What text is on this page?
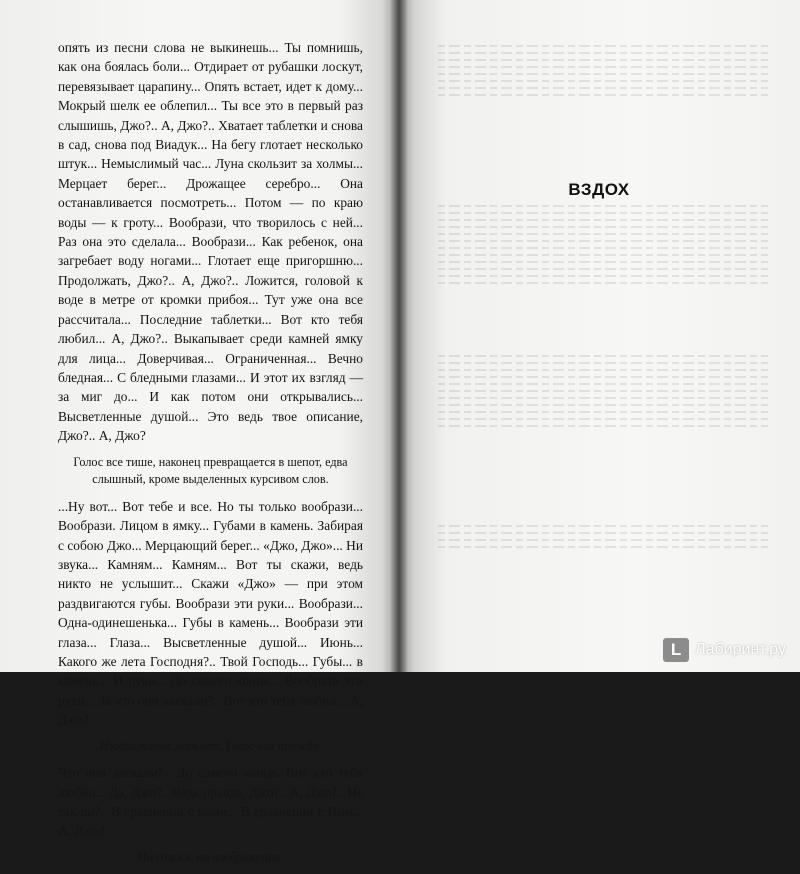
опять из песни слова не выкинешь... Ты помнишь, как она боялась боли... Отдирает от рубашки лоскут, перевязывает царапину... Опять встает, идет к дому... Мокрый шелк ее облепил... Ты все это в первый раз слышишь, Джо?.. А, Джо?.. Хватает таблетки и снова в сад, снова под Виадук... На бегу глотает несколько штук... Немыслимый час... Луна скользит за холмы... Мерцает берег... Дрожащее серебро... Она останавливается посмотреть... Потом — по краю воды — к гроту... Вообрази, что творилось с ней... Раз она это сделала... Вообрази... Как ребенок, она загребает воду ногами... Глотает еще пригоршню... Продолжать, Джо?.. А, Джо?.. Ложится, головой к воде в метре от кромки прибоя... Тут уже она все рассчитала... Последние таблетки... Вот кто тебя любил... А, Джо?.. Выкапывает среди камней ямку для лица... Доверчивая... Ограниченная... Вечно бледная... С бледными глазами... И этот их взгляд — за миг до... И как потом они открывались... Высветленные душой... Это ведь твое описание, Джо?.. А, Джо?

Голос все тише, наконец превращается в шепот, едва слышный, кроме выделенных курсивом слов.

...Ну вот... Вот тебе и все. Но ты только вообрази... Вообрази. Лицом в ямку... Губами в камень. Забирая с собою Джо... Мерцающий берег... «Джо, Джо»... Ни звука... Камням... Камням... Вот ты скажи, ведь никто не услышит... Скажи «Джо» — при этом раздвигаются губы. Вообрази эти руки... Вообрази... Одна-одинешенька... Губы в камень... Вообрази эти глаза... Глаза... Высветленные душой... Июнь... Какого же лета Господня?.. Твой Господь... Губы... в камень... И руки... До самого конца... Вообрази эти руки... За что они ласкали?.. Вот кто тебя любил... А, Джо?

Изображение меркнет. Голос как прежде.

Что они ласкали?.. До самого конца. Вот кто тебя любил... Да, Джо?.. Ведь правда, Джо?.. А, Джо?.. Не так ли?.. В сравнении с нами... В сравнении с Ним... А, Джо?

Ни голоса, ни изображения.

ВЗДОХ
L Лабиринт.ру
